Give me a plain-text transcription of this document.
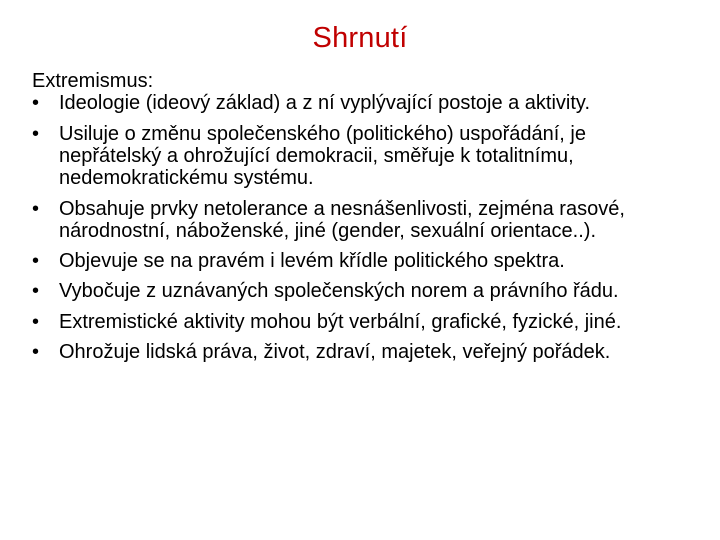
Shrnutí

Extremismus:

• Ideologie (ideový základ) a z ní vyplývající postoje a aktivity.
• Usiluje o změnu společenského (politického) uspořádání, je nepřátelský a ohrožující demokracii, směřuje k totalitnímu, nedemokratickému systému.
• Obsahuje prvky netolerance a nesnášenlivosti, zejména rasové, národnostní, náboženské, jiné (gender, sexuální orientace..).
• Objevuje se na pravém i levém křídle politického spektra.
• Vybočuje z uznávaných společenských norem a právního řádu.
• Extremistické aktivity mohou být verbální, grafické, fyzické, jiné.
• Ohrožuje lidská práva, život, zdraví, majetek, veřejný pořádek.
